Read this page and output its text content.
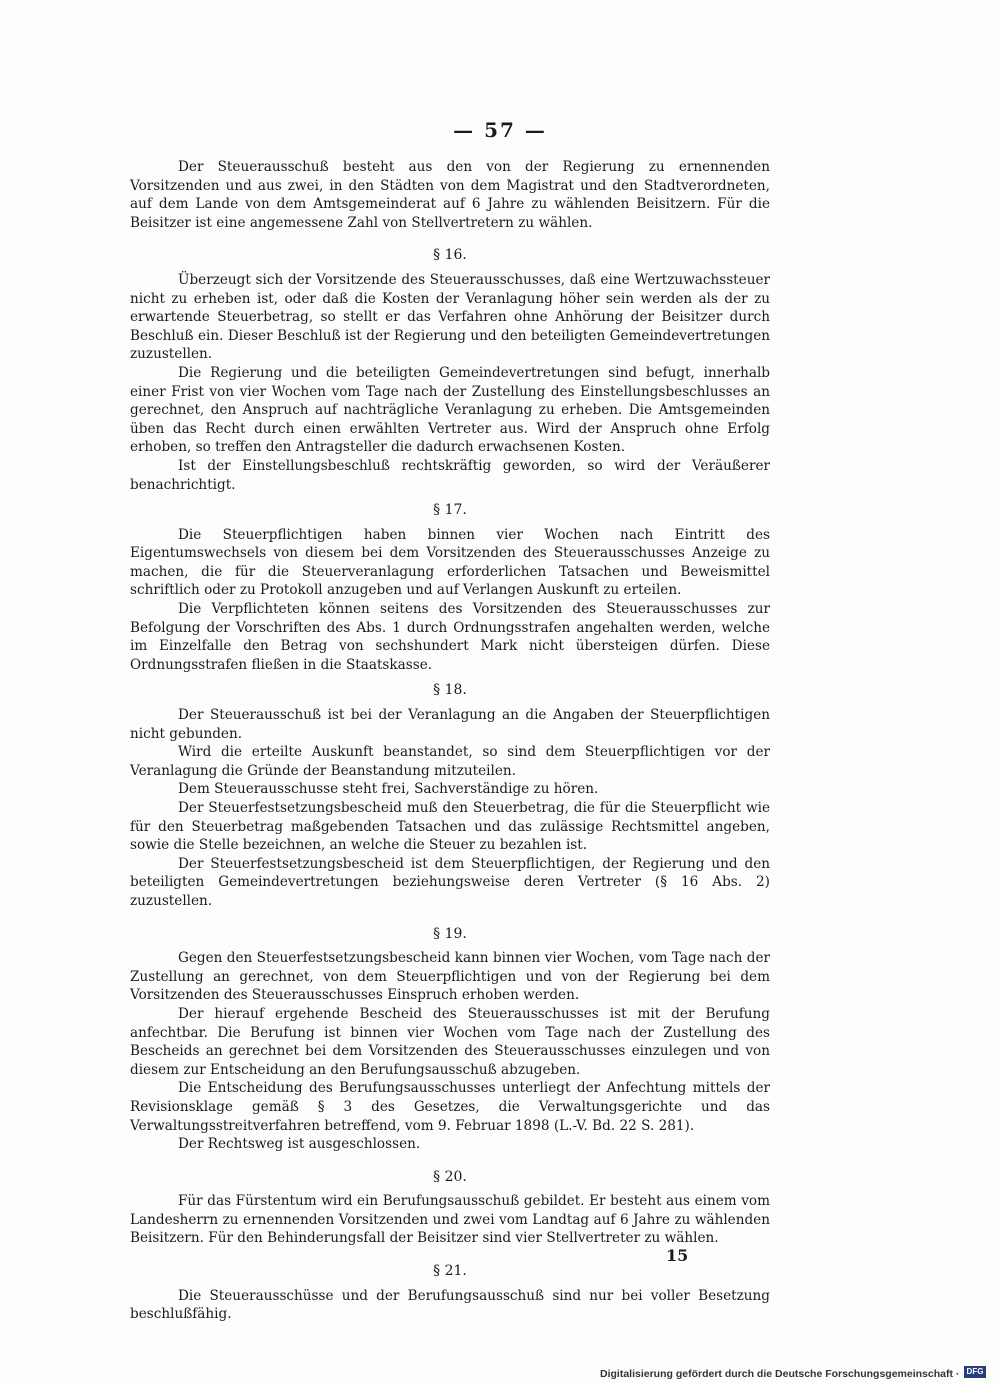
— 57 —

Der Steuerausschuß besteht aus den von der Regierung zu ernennenden Vorsitzenden und aus zwei, in den Städten von dem Magistrat und den Stadtverordneten, auf dem Lande von dem Amtsgemeinderat auf 6 Jahre zu wählenden Beisitzern. Für die Beisitzer ist eine angemessene Zahl von Stellvertretern zu wählen.

§ 16.

Überzeugt sich der Vorsitzende des Steuerausschusses, daß eine Wertzuwachssteuer nicht zu erheben ist, oder daß die Kosten der Veranlagung höher sein werden als der zu erwartende Steuerbetrag, so stellt er das Verfahren ohne Anhörung der Beisitzer durch Beschluß ein. Dieser Beschluß ist der Regierung und den beteiligten Gemeindevertretungen zuzustellen.

Die Regierung und die beteiligten Gemeindevertretungen sind befugt, innerhalb einer Frist von vier Wochen vom Tage nach der Zustellung des Einstellungsbeschlusses an gerechnet, den Anspruch auf nachträgliche Veranlagung zu erheben. Die Amtsgemeinden üben das Recht durch einen erwählten Vertreter aus. Wird der Anspruch ohne Erfolg erhoben, so treffen den Antragsteller die dadurch erwachsenen Kosten.

Ist der Einstellungsbeschluß rechtskräftig geworden, so wird der Veräußerer benachrichtigt.

§ 17.

Die Steuerpflichtigen haben binnen vier Wochen nach Eintritt des Eigentumswechsels von diesem bei dem Vorsitzenden des Steuerausschusses Anzeige zu machen, die für die Steuerveranlagung erforderlichen Tatsachen und Beweismittel schriftlich oder zu Protokoll anzugeben und auf Verlangen Auskunft zu erteilen.

Die Verpflichteten können seitens des Vorsitzenden des Steuerausschusses zur Befolgung der Vorschriften des Abs. 1 durch Ordnungsstrafen angehalten werden, welche im Einzelfalle den Betrag von sechshundert Mark nicht übersteigen dürfen. Diese Ordnungsstrafen fließen in die Staatskasse.

§ 18.

Der Steuerausschuß ist bei der Veranlagung an die Angaben der Steuerpflichtigen nicht gebunden.

Wird die erteilte Auskunft beanstandet, so sind dem Steuerpflichtigen vor der Veranlagung die Gründe der Beanstandung mitzuteilen.

Dem Steuerausschusse steht frei, Sachverständige zu hören.

Der Steuerfestsetzungsbescheid muß den Steuerbetrag, die für die Steuerpflicht wie für den Steuerbetrag maßgebenden Tatsachen und das zulässige Rechtsmittel angeben, sowie die Stelle bezeichnen, an welche die Steuer zu bezahlen ist.

Der Steuerfestsetzungsbescheid ist dem Steuerpflichtigen, der Regierung und den beteiligten Gemeindevertretungen beziehungsweise deren Vertreter (§ 16 Abs. 2) zuzustellen.

§ 19.

Gegen den Steuerfestsetzungsbescheid kann binnen vier Wochen, vom Tage nach der Zustellung an gerechnet, von dem Steuerpflichtigen und von der Regierung bei dem Vorsitzenden des Steuerausschusses Einspruch erhoben werden.

Der hierauf ergehende Bescheid des Steuerausschusses ist mit der Berufung anfechtbar. Die Berufung ist binnen vier Wochen vom Tage nach der Zustellung des Bescheids an gerechnet bei dem Vorsitzenden des Steuerausschusses einzulegen und von diesem zur Entscheidung an den Berufungsausschuß abzugeben.

Die Entscheidung des Berufungsausschusses unterliegt der Anfechtung mittels der Revisionsklage gemäß § 3 des Gesetzes, die Verwaltungsgerichte und das Verwaltungsstreitverfahren betreffend, vom 9. Februar 1898 (L.-V. Bd. 22 S. 281).

Der Rechtsweg ist ausgeschlossen.

§ 20.

Für das Fürstentum wird ein Berufungsausschuß gebildet. Er besteht aus einem vom Landesherrn zu ernennenden Vorsitzenden und zwei vom Landtag auf 6 Jahre zu wählenden Beisitzern. Für den Behinderungsfall der Beisitzer sind vier Stellvertreter zu wählen.

§ 21.

Die Steuerausschüsse und der Berufungsausschuß sind nur bei voller Besetzung beschlußfähig.

15
Digitalisierung gefördert durch die Deutsche Forschungsgemeinschaft · DFG
